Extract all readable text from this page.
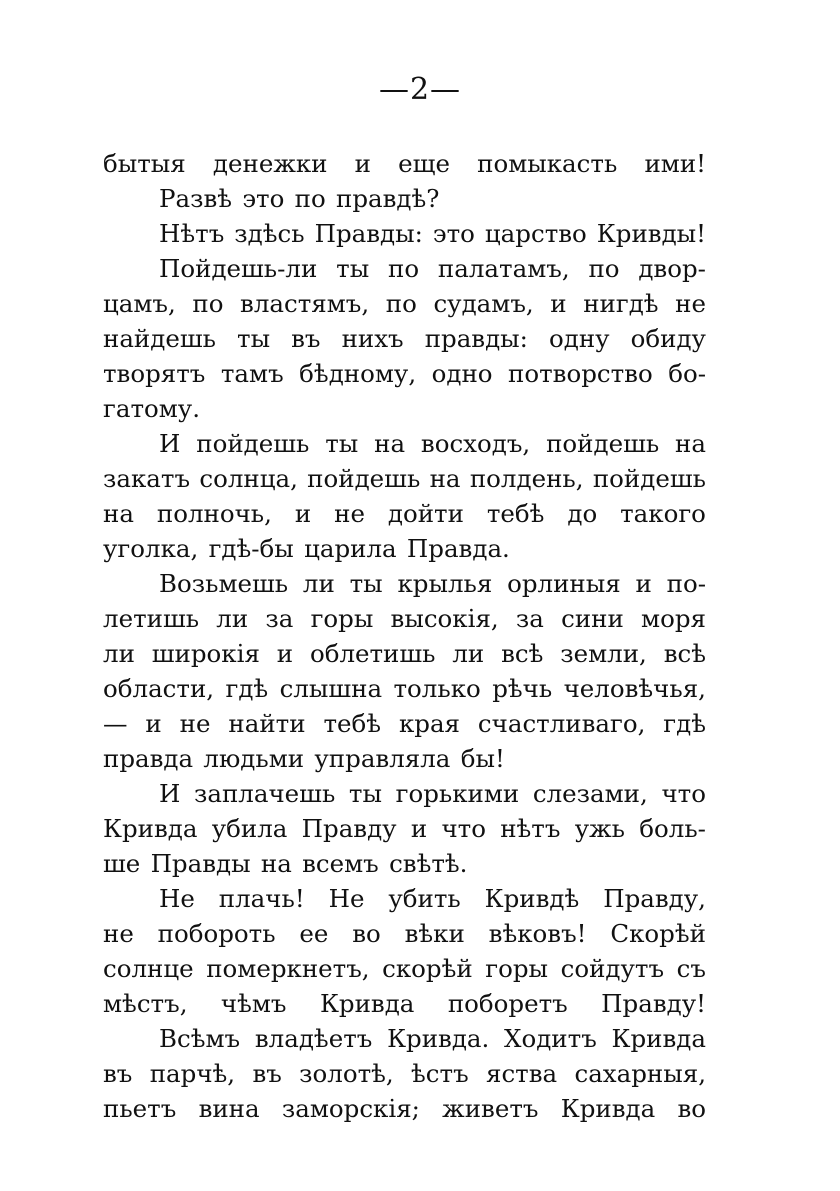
—2—

бытыя денежки и еще помыкасть ими!
Развѣ это по правдѣ?
Нѣтъ здѣсь Правды: это царство Кривды!
Пойдешь-ли ты по палатамъ, по двор-
цамъ, по властямъ, по судамъ, и нигдѣ не
найдешь ты въ нихъ правды: одну обиду
творятъ тамъ бѣдному, одно потворство бо-
гатому.
И пойдешь ты на восходъ, пойдешь на
закатъ солнца, пойдешь на полдень, пойдешь
на полночь, и не дойти тебѣ до такого
уголка, гдѣ-бы царила Правда.
Возьмешь ли ты крылья орлиныя и по-
летишь ли за горы высокія, за сини моря
ли широкія и облетишь ли всѣ земли, всѣ
области, гдѣ слышна только рѣчь человѣчья,
— и не найти тебѣ края счастливаго, гдѣ
правда людьми управляла бы!
И заплачешь ты горькими слезами, что
Кривда убила Правду и что нѣтъ ужь боль-
ше Правды на всемъ свѣтѣ.
Не плачь! Не убить Кривдѣ Правду,
не побороть ее во вѣки вѣковъ! Скорѣй
солнце померкнетъ, скорѣй горы сойдутъ съ
мѣстъ, чѣмъ Кривда поборетъ Правду!
Всѣмъ владѣетъ Кривда. Ходитъ Кривда
въ парчѣ, въ золотѣ, ѣстъ яства сахарныя,
пьетъ вина заморскія; живетъ Кривда во
